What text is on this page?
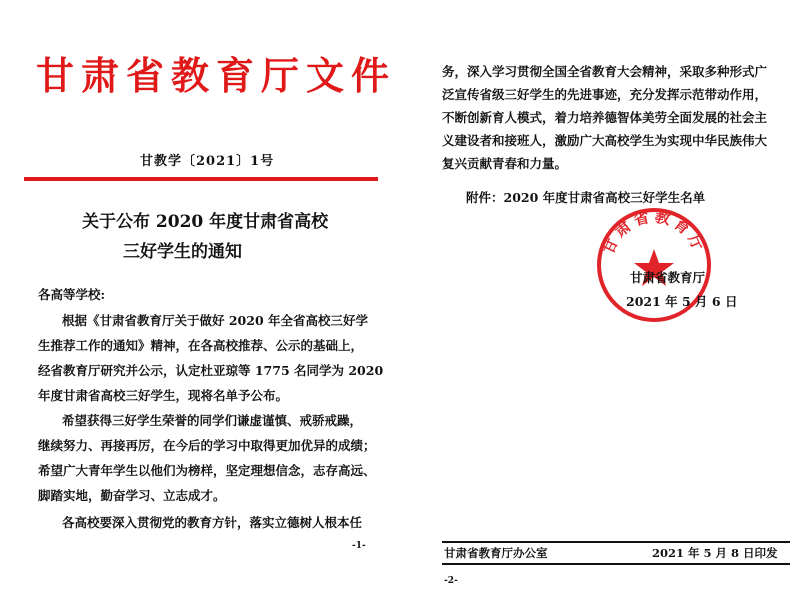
甘肃省教育厅文件
甘教学〔2021〕1号
关于公布 2020 年度甘肃省高校
三好学生的通知
各高等学校:
根据《甘肃省教育厅关于做好 2020 年全省高校三好学
生推荐工作的通知》精神，在各高校推荐、公示的基础上，
经省教育厅研究并公示，认定杜亚琼等 1775 名同学为 2020
年度甘肃省高校三好学生，现将名单予公布。
希望获得三好学生荣誉的同学们谦虚谨慎、戒骄戒躁，
继续努力、再接再厉，在今后的学习中取得更加优异的成绩；
希望广大青年学生以他们为榜样，坚定理想信念，志存高远、
脚踏实地，勤奋学习、立志成才。
各高校要深入贯彻党的教育方针，落实立德树人根本任
-1-
务，深入学习贯彻全国全省教育大会精神，采取多种形式广
泛宣传省级三好学生的先进事迹，充分发挥示范带动作用，
不断创新育人模式，着力培养德智体美劳全面发展的社会主
义建设者和接班人，激励广大高校学生为实现中华民族伟大
复兴贡献青春和力量。
附件：2020 年度甘肃省高校三好学生名单
甘肃省教育厅
甘肃省教育厅
2021 年 5 月 6 日
甘肃省教育厅办公室	2021 年 5 月 8 日印发
-2-
